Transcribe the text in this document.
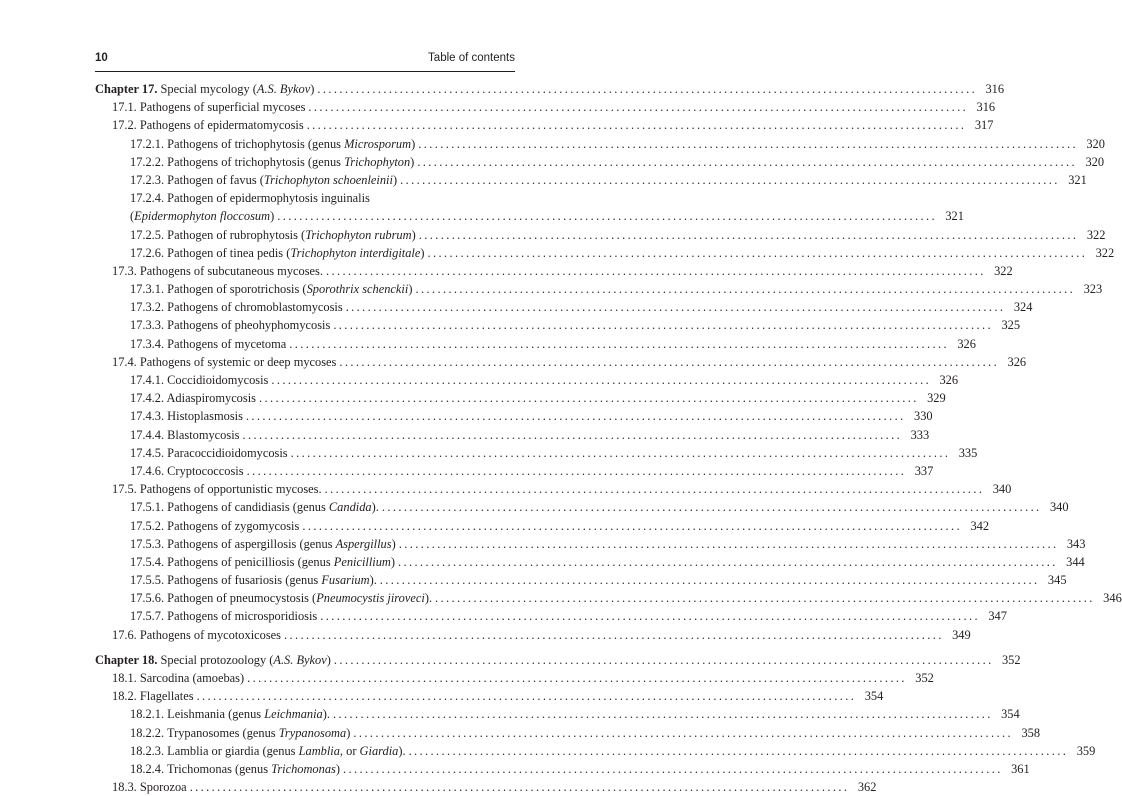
10	Table of contents
Chapter 17. Special mycology (A.S. Bykov) ........................................................................................................................ 316
17.1. Pathogens of superficial mycoses ........................................................................................................................ 316
17.2. Pathogens of epidermatomycosis ........................................................................................................................ 317
17.2.1. Pathogens of trichophytosis (genus Microsporum) ........................................................................................................................ 320
17.2.2. Pathogens of trichophytosis (genus Trichophyton) ........................................................................................................................ 320
17.2.3. Pathogen of favus (Trichophyton schoenleinii) ........................................................................................................................ 321
17.2.4. Pathogen of epidermophytosis inguinalis
(Epidermophyton floccosum) ........................................................................................................................ 321
17.2.5. Pathogen of rubrophytosis (Trichophyton rubrum) ........................................................................................................................ 322
17.2.6. Pathogen of tinea pedis (Trichophyton interdigitale) ........................................................................................................................ 322
17.3. Pathogens of subcutaneous mycoses. ........................................................................................................................ 322
17.3.1. Pathogen of sporotrichosis (Sporothrix schenckii) ........................................................................................................................ 323
17.3.2. Pathogens of chromoblastomycosis ........................................................................................................................ 324
17.3.3. Pathogens of pheohyphomycosis ........................................................................................................................ 325
17.3.4. Pathogens of mycetoma ........................................................................................................................ 326
17.4. Pathogens of systemic or deep mycoses ........................................................................................................................ 326
17.4.1. Coccidioidomycosis ........................................................................................................................ 326
17.4.2. Adiaspiromycosis ........................................................................................................................ 329
17.4.3. Histoplasmosis ........................................................................................................................ 330
17.4.4. Blastomycosis ........................................................................................................................ 333
17.4.5. Paracoccidioidomycosis ........................................................................................................................ 335
17.4.6. Cryptococcosis ........................................................................................................................ 337
17.5. Pathogens of opportunistic mycoses. ........................................................................................................................ 340
17.5.1. Pathogens of candidiasis (genus Candida). ........................................................................................................................ 340
17.5.2. Pathogens of zygomycosis ........................................................................................................................ 342
17.5.3. Pathogens of aspergillosis (genus Aspergillus) ........................................................................................................................ 343
17.5.4. Pathogens of penicilliosis (genus Penicillium) ........................................................................................................................ 344
17.5.5. Pathogens of fusariosis (genus Fusarium). ........................................................................................................................ 345
17.5.6. Pathogen of pneumocystosis (Pneumocystis jiroveci). ........................................................................................................................ 346
17.5.7. Pathogens of microsporidiosis ........................................................................................................................ 347
17.6. Pathogens of mycotoxicoses ........................................................................................................................ 349
Chapter 18. Special protozoology (A.S. Bykov) ........................................................................................................................ 352
18.1. Sarcodina (amoebas) ........................................................................................................................ 352
18.2. Flagellates ........................................................................................................................ 354
18.2.1. Leishmania (genus Leichmania). ........................................................................................................................ 354
18.2.2. Trypanosomes (genus Trypanosoma) ........................................................................................................................ 358
18.2.3. Lamblia or giardia (genus Lamblia, or Giardia). ........................................................................................................................ 359
18.2.4. Trichomonas (genus Trichomonas) ........................................................................................................................ 361
18.3. Sporozoa ........................................................................................................................ 362
